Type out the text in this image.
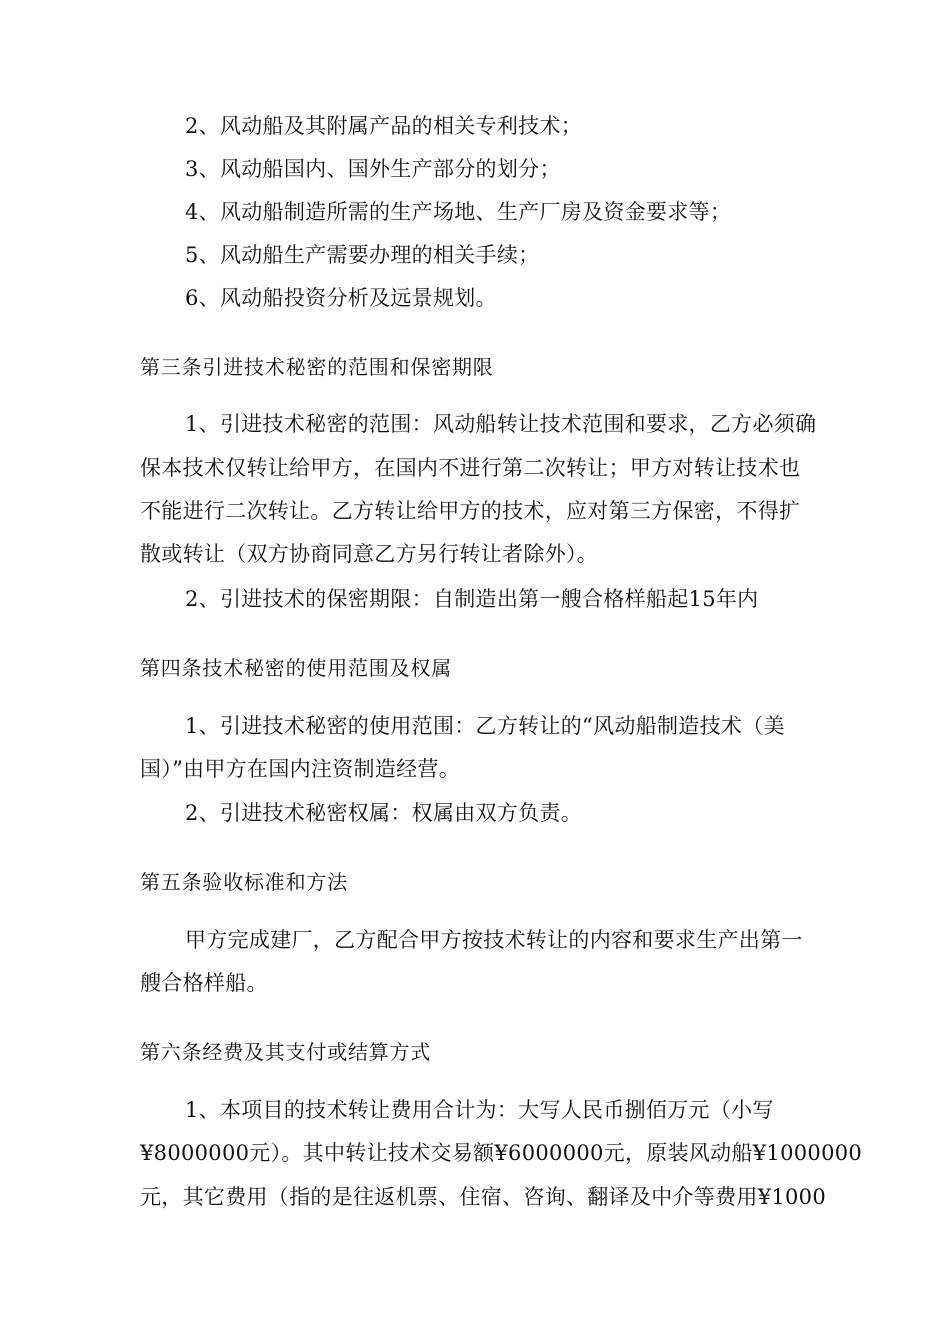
2、风动船及其附属产品的相关专利技术；
3、风动船国内、国外生产部分的划分；
4、风动船制造所需的生产场地、生产厂房及资金要求等；
5、风动船生产需要办理的相关手续；
6、风动船投资分析及远景规划。
第三条引进技术秘密的范围和保密期限
1、引进技术秘密的范围：风动船转让技术范围和要求，乙方必须确
保本技术仅转让给甲方，在国内不进行第二次转让；甲方对转让技术也
不能进行二次转让。乙方转让给甲方的技术，应对第三方保密，不得扩
散或转让（双方协商同意乙方另行转让者除外）。
2、引进技术的保密期限：自制造出第一艘合格样船起15年内
第四条技术秘密的使用范围及权属
1、引进技术秘密的使用范围：乙方转让的“风动船制造技术（美
国）”由甲方在国内注资制造经营。
2、引进技术秘密权属：权属由双方负责。
第五条验收标准和方法
甲方完成建厂，乙方配合甲方按技术转让的内容和要求生产出第一
艘合格样船。
第六条经费及其支付或结算方式
1、本项目的技术转让费用合计为：大写人民币捌佰万元（小写
¥8000000元）。其中转让技术交易额¥6000000元，原装风动船¥1000000
元，其它费用（指的是往返机票、住宿、咨询、翻译及中介等费用¥1000
